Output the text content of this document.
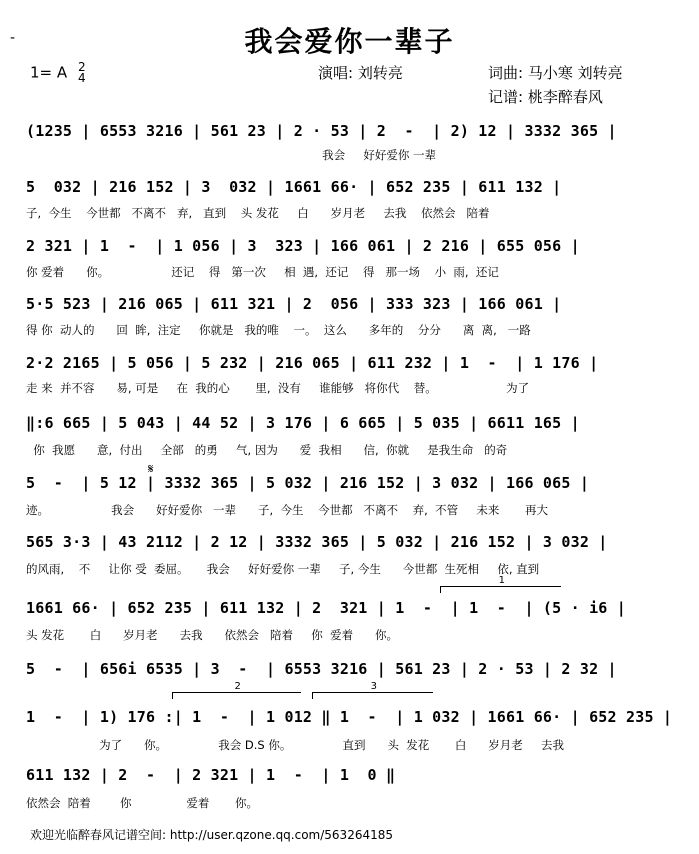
-	我会爱你一辈子
1= A 2
4	演唱: 刘转亮	词曲: 马小寒 刘转亮
记谱: 桃李醉春风
(1235 | 6553 3216 | 561 23 | 2 · 53 | 2  -  | 2) 12 | 3332 365 |
我会     好好爱你 一辈
5  032 | 216 152 | 3  032 | 1661 66· | 652 235 | 611 132 |
子,  今生    今世都   不离不   弃,   直到    头 发花     白      岁月老     去我    依然会   陪着
2 321 | 1  -  | 1 056 | 3  323 | 166 061 | 2 216 | 655 056 |
你 爱着      你。                 还记    得   第一次     相  遇,  还记    得   那一场    小  雨,  还记
5·5 523 | 216 065 | 611 321 | 2  056 | 333 323 | 166 061 |
得 你  动人的      回  眸,  注定     你就是   我的唯    一。  这么      多年的    分分      离  离,   一路
2·2 2165 | 5 056 | 5 232 | 216 065 | 611 232 | 1  -  | 1 176 |
走 来  并不容      易, 可是     在  我的心       里,  没有     谁能够   将你代    替。                   为了
‖:6 665 | 5 043 | 44 52 | 3 176 | 6 665 | 5 035 | 6611 165 |
你  我愿      意,  付出     全部   的勇     气, 因为      爱  我相      信,  你就     是我生命   的奇
𝄋
5  -  | 5 12 | 3332 365 | 5 032 | 216 152 | 3 032 | 166 065 |
迹。                 我会      好好爱你   一辈      子,  今生    今世都   不离不    弃,  不管     未来       再大
565 3·3 | 43 2112 | 2 12 | 3332 365 | 5 032 | 216 152 | 3 032 |
的风雨,    不     让你 受  委屈。     我会     好好爱你 一辈     子, 今生      今世都  生死相     依, 直到
1
1661 66· | 652 235 | 611 132 | 2  321 | 1  -  | 1  -  | (5 · i6 |
头 发花       白      岁月老      去我      依然会   陪着     你  爱着      你。
5  -  | 656i 6535 | 3  -  | 6553 3216 | 561 23 | 2 · 53 | 2 32 |
2	3
1  -  | 1) 176 :| 1  -  | 1 012 ‖ 1  -  | 1 032 | 1661 66· | 652 235 |
为了      你。              我会 D.S 你。              直到      头  发花       白      岁月老     去我
611 132 | 2  -  | 2 321 | 1  -  | 1  0 ‖
依然会  陪着        你               爱着       你。
欢迎光临醉春风记谱空间: http://user.qzone.qq.com/563264185
